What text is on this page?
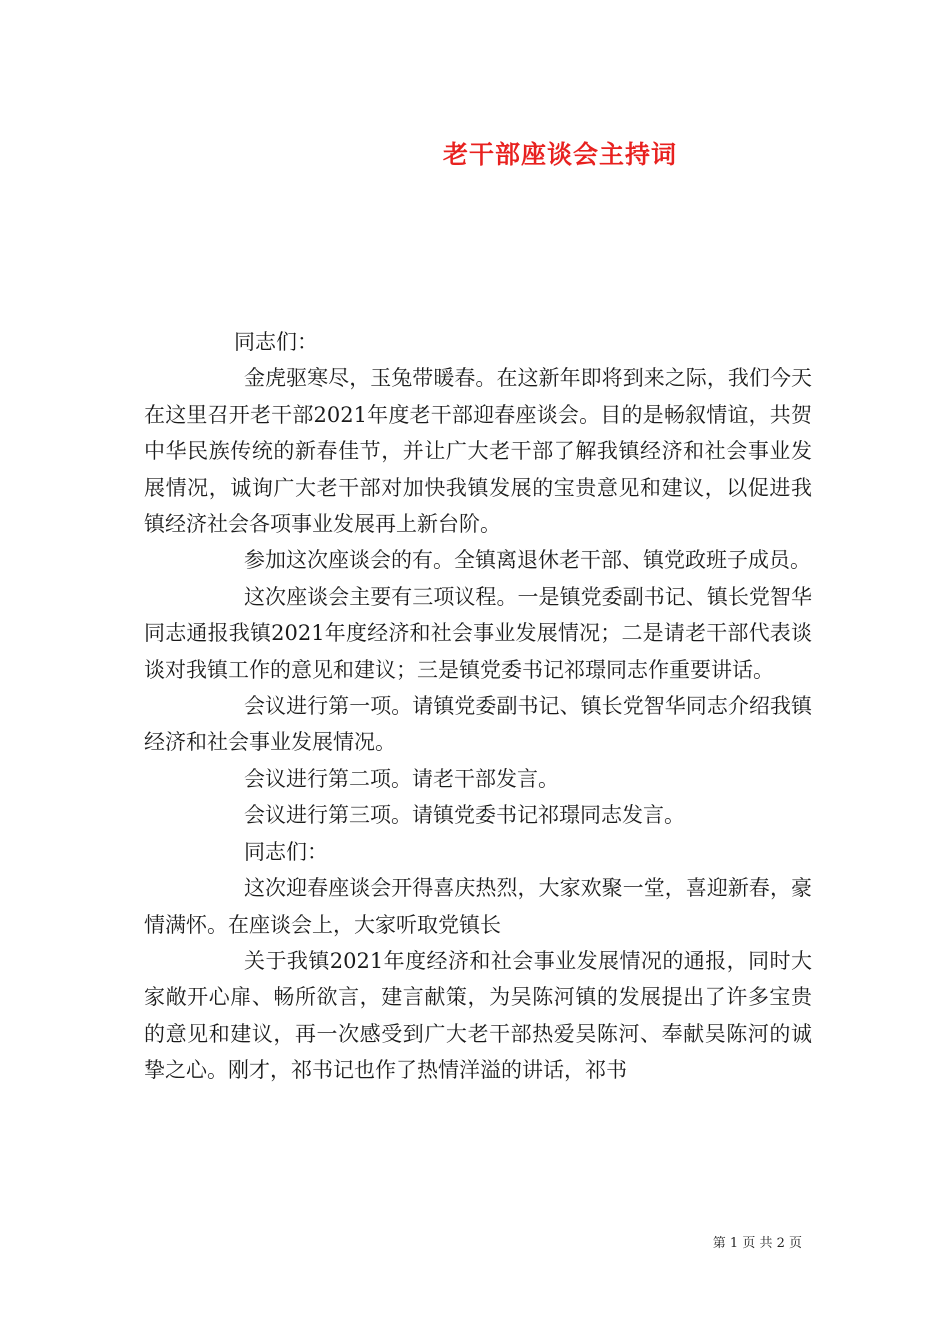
老干部座谈会主持词

同志们：

金虎驱寒尽，玉兔带暖春。在这新年即将到来之际，我们今天在这里召开老干部2021年度老干部迎春座谈会。目的是畅叙情谊，共贺中华民族传统的新春佳节，并让广大老干部了解我镇经济和社会事业发展情况，诚询广大老干部对加快我镇发展的宝贵意见和建议，以促进我镇经济社会各项事业发展再上新台阶。

参加这次座谈会的有。全镇离退休老干部、镇党政班子成员。

这次座谈会主要有三项议程。一是镇党委副书记、镇长党智华同志通报我镇2021年度经济和社会事业发展情况；二是请老干部代表谈谈对我镇工作的意见和建议；三是镇党委书记祁璟同志作重要讲话。

会议进行第一项。请镇党委副书记、镇长党智华同志介绍我镇经济和社会事业发展情况。

会议进行第二项。请老干部发言。

会议进行第三项。请镇党委书记祁璟同志发言。

同志们：

这次迎春座谈会开得喜庆热烈，大家欢聚一堂，喜迎新春，豪情满怀。在座谈会上，大家听取党镇长

关于我镇2021年度经济和社会事业发展情况的通报，同时大家敞开心扉、畅所欲言，建言献策，为吴陈河镇的发展提出了许多宝贵的意见和建议，再一次感受到广大老干部热爱吴陈河、奉献吴陈河的诚挚之心。刚才，祁书记也作了热情洋溢的讲话，祁书

第 1 页 共 2 页
